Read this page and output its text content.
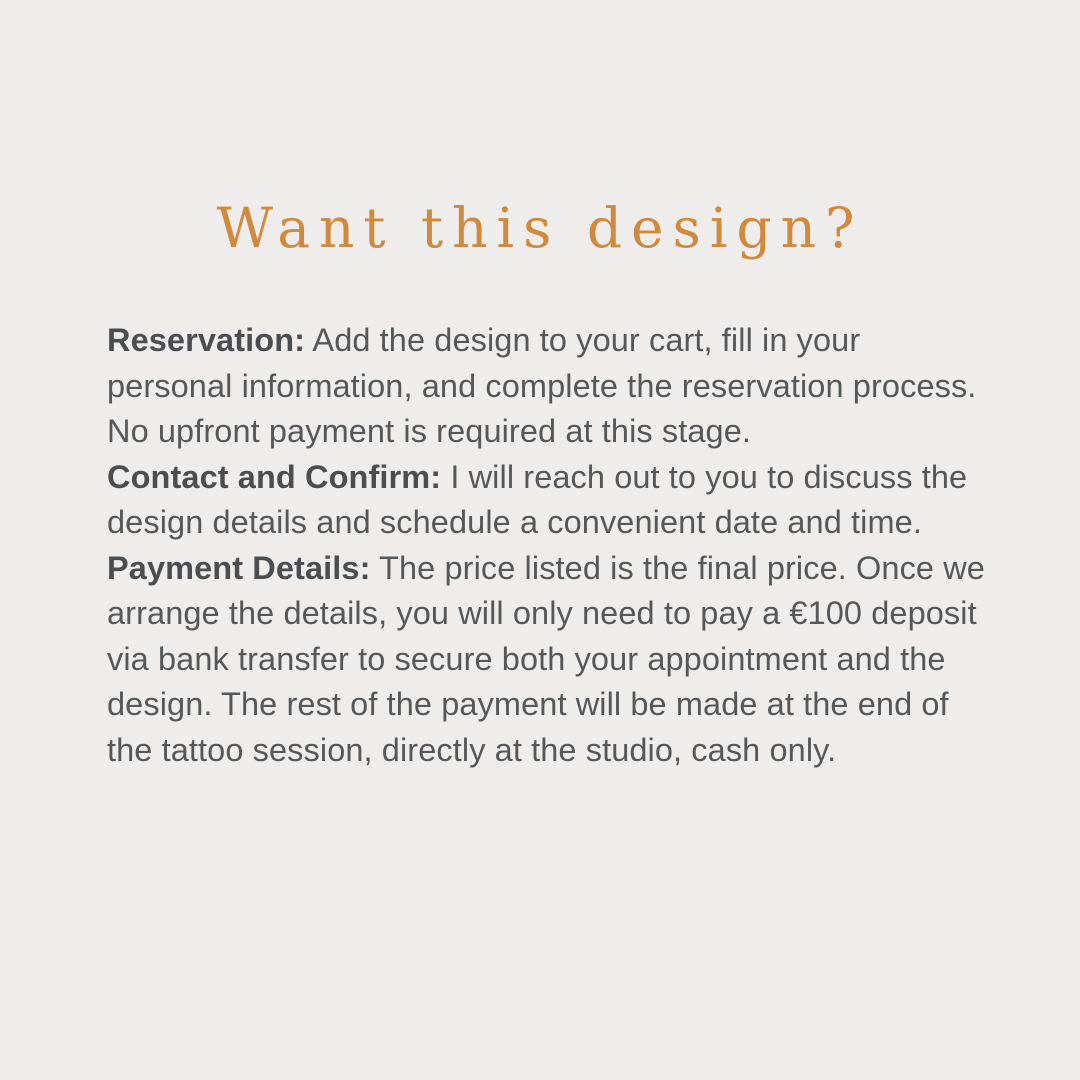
Want this design?

Reservation: Add the design to your cart, fill in your personal information, and complete the reservation process. No upfront payment is required at this stage.

Contact and Confirm: I will reach out to you to discuss the design details and schedule a convenient date and time.

Payment Details: The price listed is the final price. Once we arrange the details, you will only need to pay a €100 deposit via bank transfer to secure both your appointment and the design. The rest of the payment will be made at the end of the tattoo session, directly at the studio, cash only.
